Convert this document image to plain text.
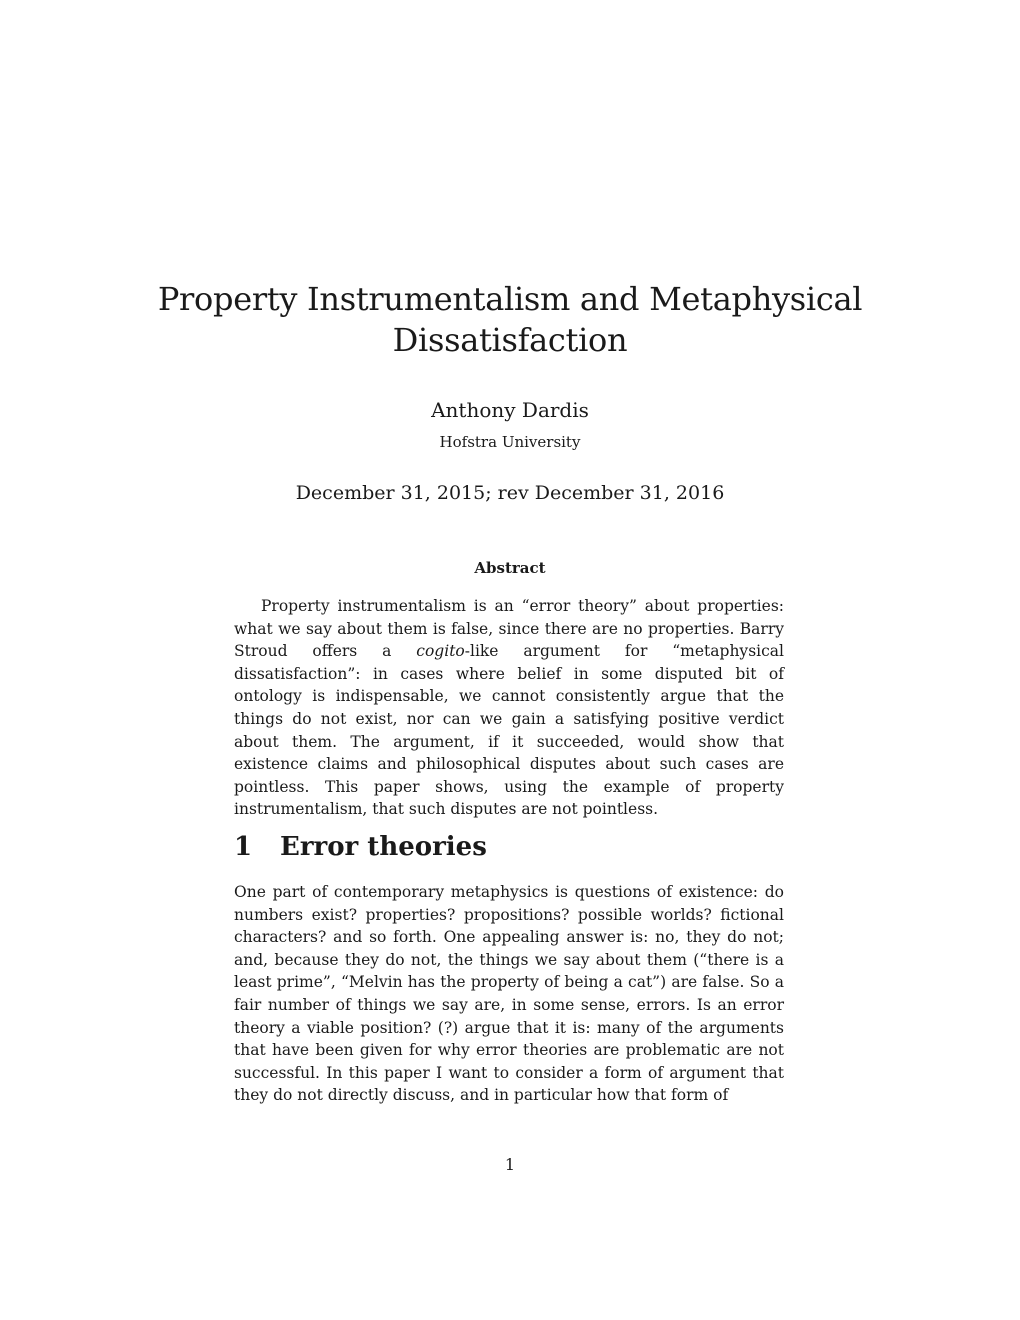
Property Instrumentalism and Metaphysical Dissatisfaction
Anthony Dardis
Hofstra University
December 31, 2015; rev December 31, 2016
Abstract

Property instrumentalism is an “error theory” about properties: what we say about them is false, since there are no properties. Barry Stroud offers a cogito-like argument for “metaphysical dissatisfaction”: in cases where belief in some disputed bit of ontology is indispensable, we cannot consistently argue that the things do not exist, nor can we gain a satisfying positive verdict about them. The argument, if it succeeded, would show that existence claims and philosophical disputes about such cases are pointless. This paper shows, using the example of property instrumentalism, that such disputes are not pointless.

1 Error theories

One part of contemporary metaphysics is questions of existence: do numbers exist? properties? propositions? possible worlds? fictional characters? and so forth. One appealing answer is: no, they do not; and, because they do not, the things we say about them (“there is a least prime”, “Melvin has the property of being a cat”) are false. So a fair number of things we say are, in some sense, errors. Is an error theory a viable position? (?) argue that it is: many of the arguments that have been given for why error theories are problematic are not successful. In this paper I want to consider a form of argument that they do not directly discuss, and in particular how that form of

1
